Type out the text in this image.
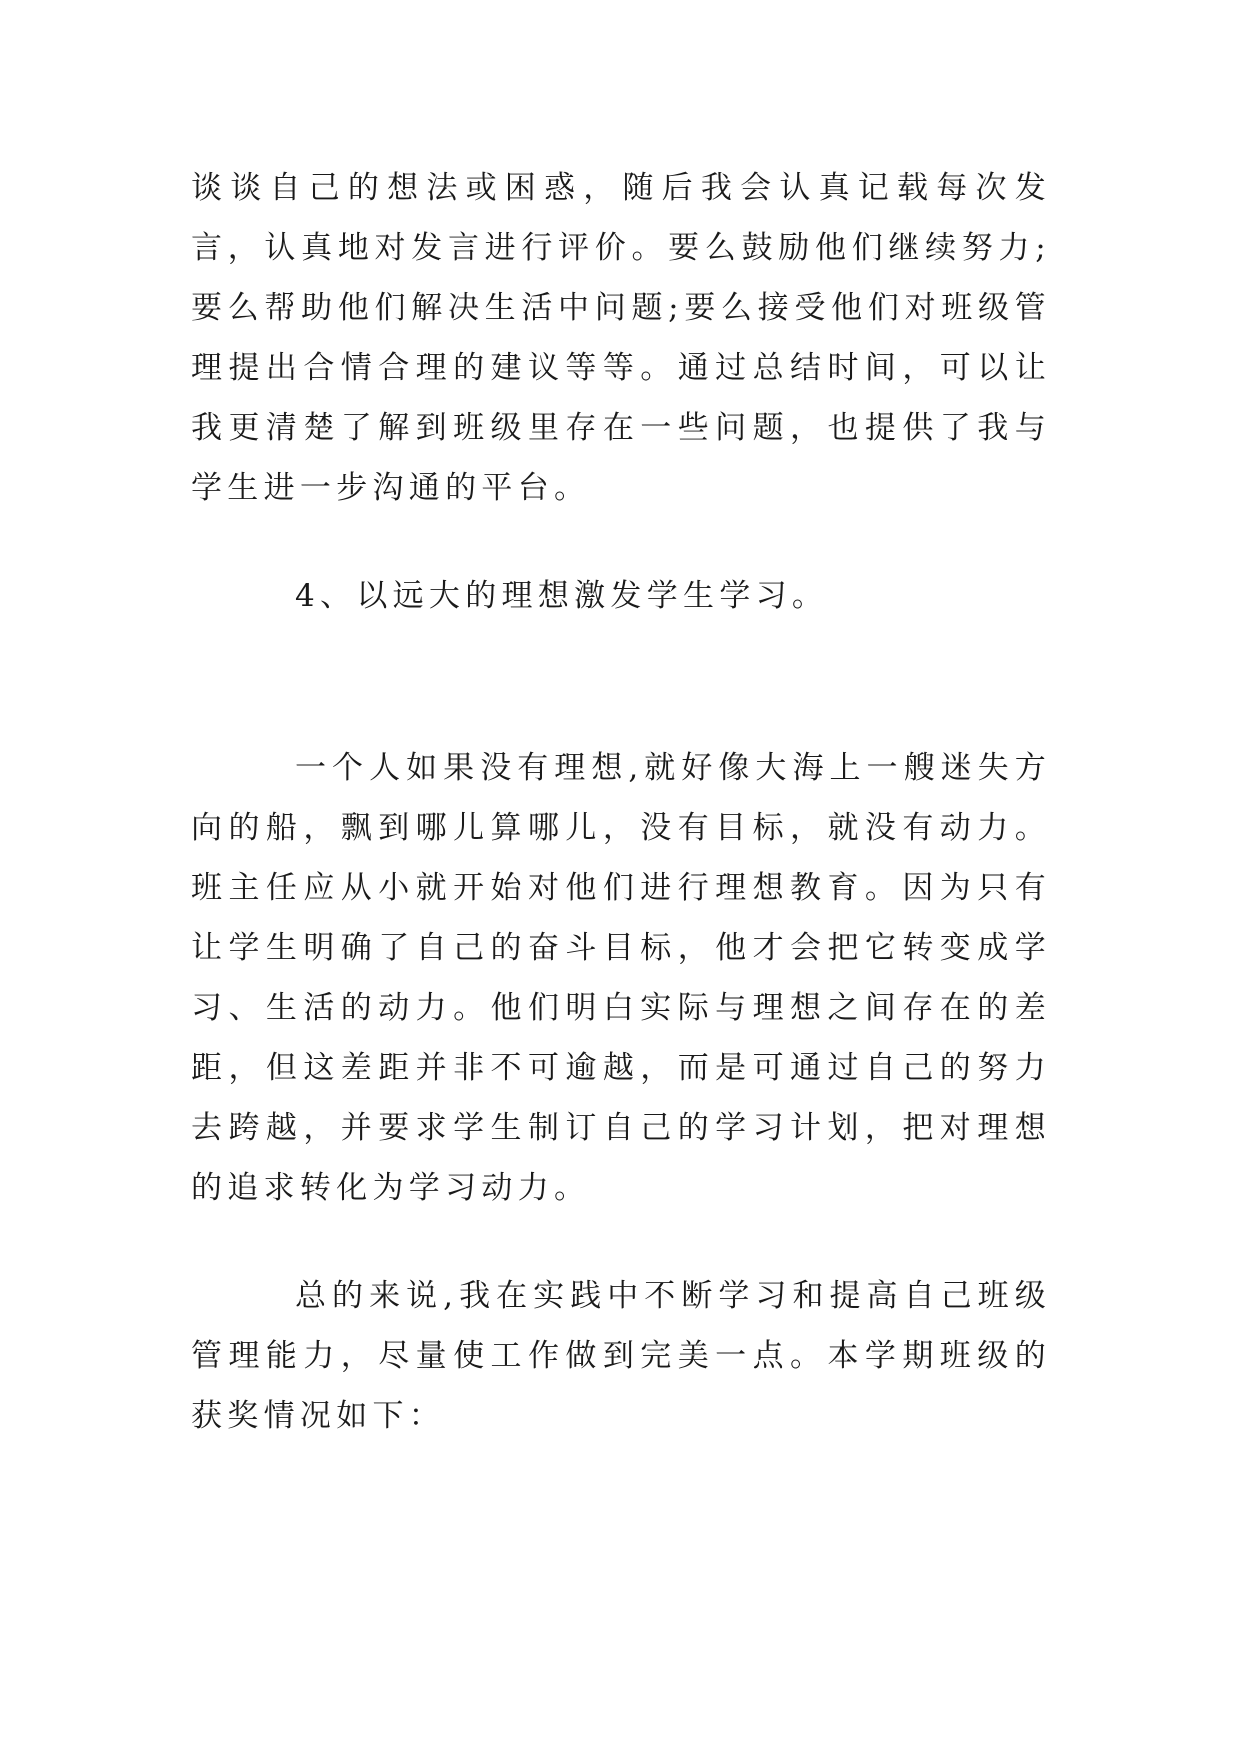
谈谈自己的想法或困惑，随后我会认真记载每次发言，认真地对发言进行评价。要么鼓励他们继续努力;要么帮助他们解决生活中问题;要么接受他们对班级管理提出合情合理的建议等等。通过总结时间，可以让我更清楚了解到班级里存在一些问题，也提供了我与学生进一步沟通的平台。

4、以远大的理想激发学生学习。

一个人如果没有理想,就好像大海上一艘迷失方向的船，飘到哪儿算哪儿，没有目标，就没有动力。班主任应从小就开始对他们进行理想教育。因为只有让学生明确了自己的奋斗目标，他才会把它转变成学习、生活的动力。他们明白实际与理想之间存在的差距，但这差距并非不可逾越，而是可通过自己的努力去跨越，并要求学生制订自己的学习计划，把对理想的追求转化为学习动力。

总的来说,我在实践中不断学习和提高自己班级管理能力，尽量使工作做到完美一点。本学期班级的获奖情况如下：
